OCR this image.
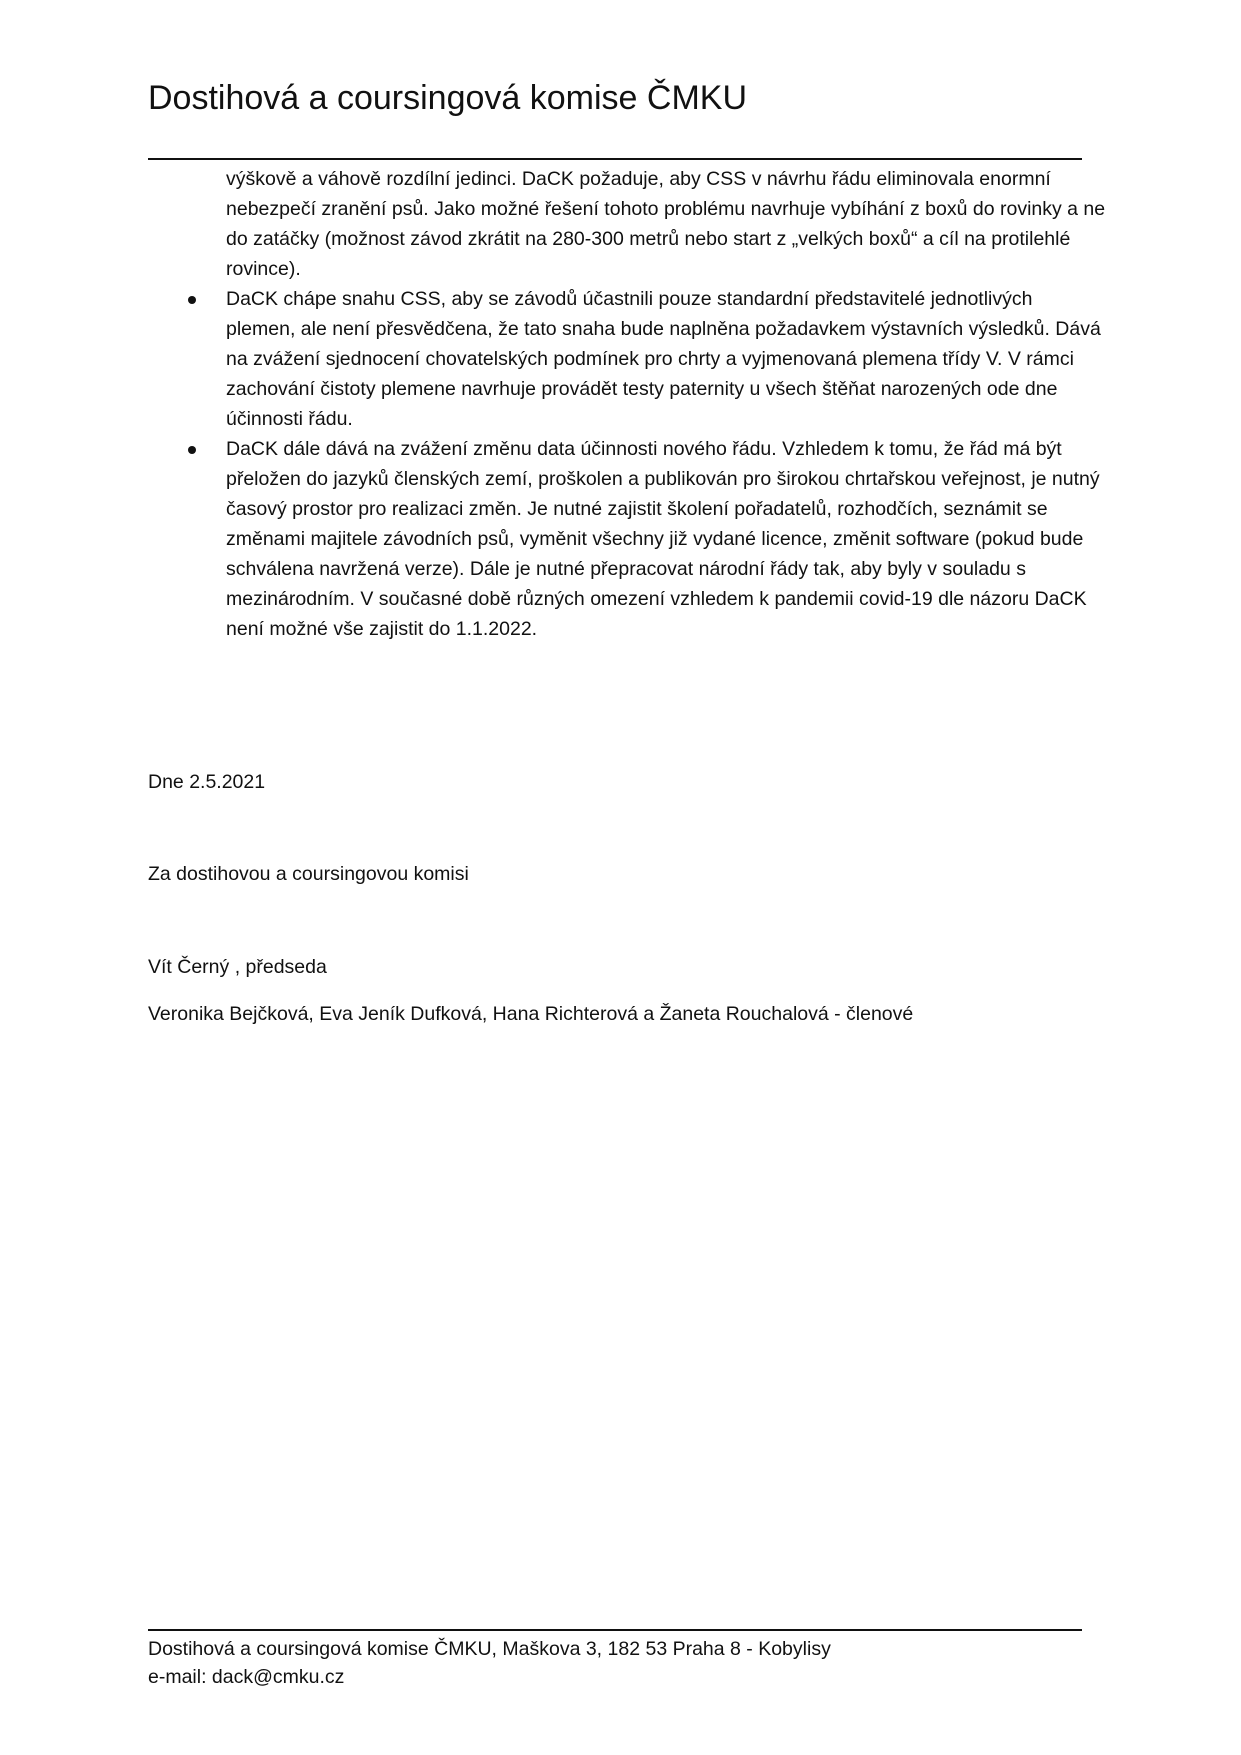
Dostihová a coursingová komise ČMKU

výškově a váhově rozdílní jedinci. DaCK požaduje, aby CSS v návrhu řádu eliminovala enormní nebezpečí zranění psů. Jako možné řešení tohoto problému navrhuje vybíhání z boxů do rovinky a ne do zatáčky (možnost závod zkrátit na 280-300 metrů nebo start z „velkých boxů“ a cíl na protilehlé rovince).

DaCK chápe snahu CSS, aby se závodů účastnili pouze standardní představitelé jednotlivých plemen, ale není přesvědčena, že tato snaha bude naplněna požadavkem výstavních výsledků. Dává na zvážení sjednocení chovatelských podmínek pro chrty a vyjmenovaná plemena třídy V. V rámci zachování čistoty plemene navrhuje provádět testy paternity u všech štěňat narozených ode dne účinnosti řádu.
DaCK dále dává na zvážení změnu data účinnosti nového řádu. Vzhledem k tomu, že řád má být přeložen do jazyků členských zemí, proškolen a publikován pro širokou chrtařskou veřejnost, je nutný časový prostor pro realizaci změn. Je nutné zajistit školení pořadatelů, rozhodčích, seznámit se změnami majitele závodních psů, vyměnit všechny již vydané licence, změnit software (pokud bude schválena navržená verze). Dále je nutné přepracovat národní řády tak, aby byly v souladu s mezinárodním. V současné době různých omezení vzhledem k pandemii covid-19 dle názoru DaCK není možné vše zajistit do 1.1.2022.
Dne 2.5.2021
Za dostihovou a coursingovou komisi
Vít Černý , předseda
Veronika Bejčková, Eva Jeník Dufková, Hana Richterová a Žaneta Rouchalová - členové
Dostihová a coursingová komise ČMKU, Maškova 3, 182 53 Praha 8 - Kobylisy
e-mail: dack@cmku.cz
